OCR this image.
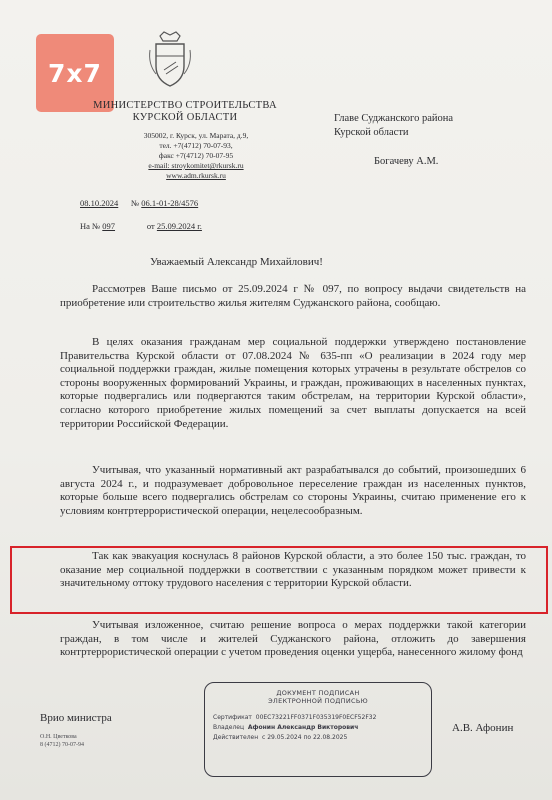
7x7
МИНИСТЕРСТВО СТРОИТЕЛЬСТВА
КУРСКОЙ ОБЛАСТИ
305002, г. Курск, ул. Марата, д.9,
тел. +7(4712) 70-07-93,
факс +7(4712) 70-07-95
e-mail: stroykomitet@rkursk.ru
www.adm.rkursk.ru
08.10.2024 № 06.1-01-28/4576
На № 097	от 25.09.2024 г.
Главе Суджанского района
Курской области
Богачеву А.М.
Уважаемый Александр Михайлович!

Рассмотрев Ваше письмо от 25.09.2024 г № 097, по вопросу выдачи свидетельств на приобретение или строительство жилья жителям Суджанского района, сообщаю.

В целях оказания гражданам мер социальной поддержки утверждено постановление Правительства Курской области от 07.08.2024 № 635-пп «О реализации в 2024 году мер социальной поддержки граждан, жилые помещения которых утрачены в результате обстрелов со стороны вооруженных формирований Украины, и граждан, проживающих в населенных пунктах, которые подвергались или подвергаются таким обстрелам, на территории Курской области», согласно которого приобретение жилых помещений за счет выплаты допускается на всей территории Российской Федерации.

Учитывая, что указанный нормативный акт разрабатывался до событий, произошедших 6 августа 2024 г., и подразумевает добровольное переселение граждан из населенных пунктов, которые больше всего подвергались обстрелам со стороны Украины, считаю применение его к условиям контртеррористической операции, нецелесообразным.

Так как эвакуация коснулась 8 районов Курской области, а это более 150 тыс. граждан, то оказание мер социальной поддержки в соответствии с указанным порядком может привести к значительному оттоку трудового населения с территории Курской области.

Учитывая изложенное, считаю решение вопроса о мерах поддержки такой категории граждан, в том числе и жителей Суджанского района, отложить до завершения контртеррористической операции с учетом проведения оценки ущерба, нанесенного жилому фонд

Врио министра
О.Н. Цветкова
8 (4712) 70-07-94
ДОКУМЕНТ ПОДПИСАН
ЭЛЕКТРОННОЙ ПОДПИСЬЮ
Сертификат 00EC73221FF0371F035319F0ECF52F32
Владелец Афонин Александр Викторович
Действителен с 29.05.2024 по 22.08.2025
А.В. Афонин
